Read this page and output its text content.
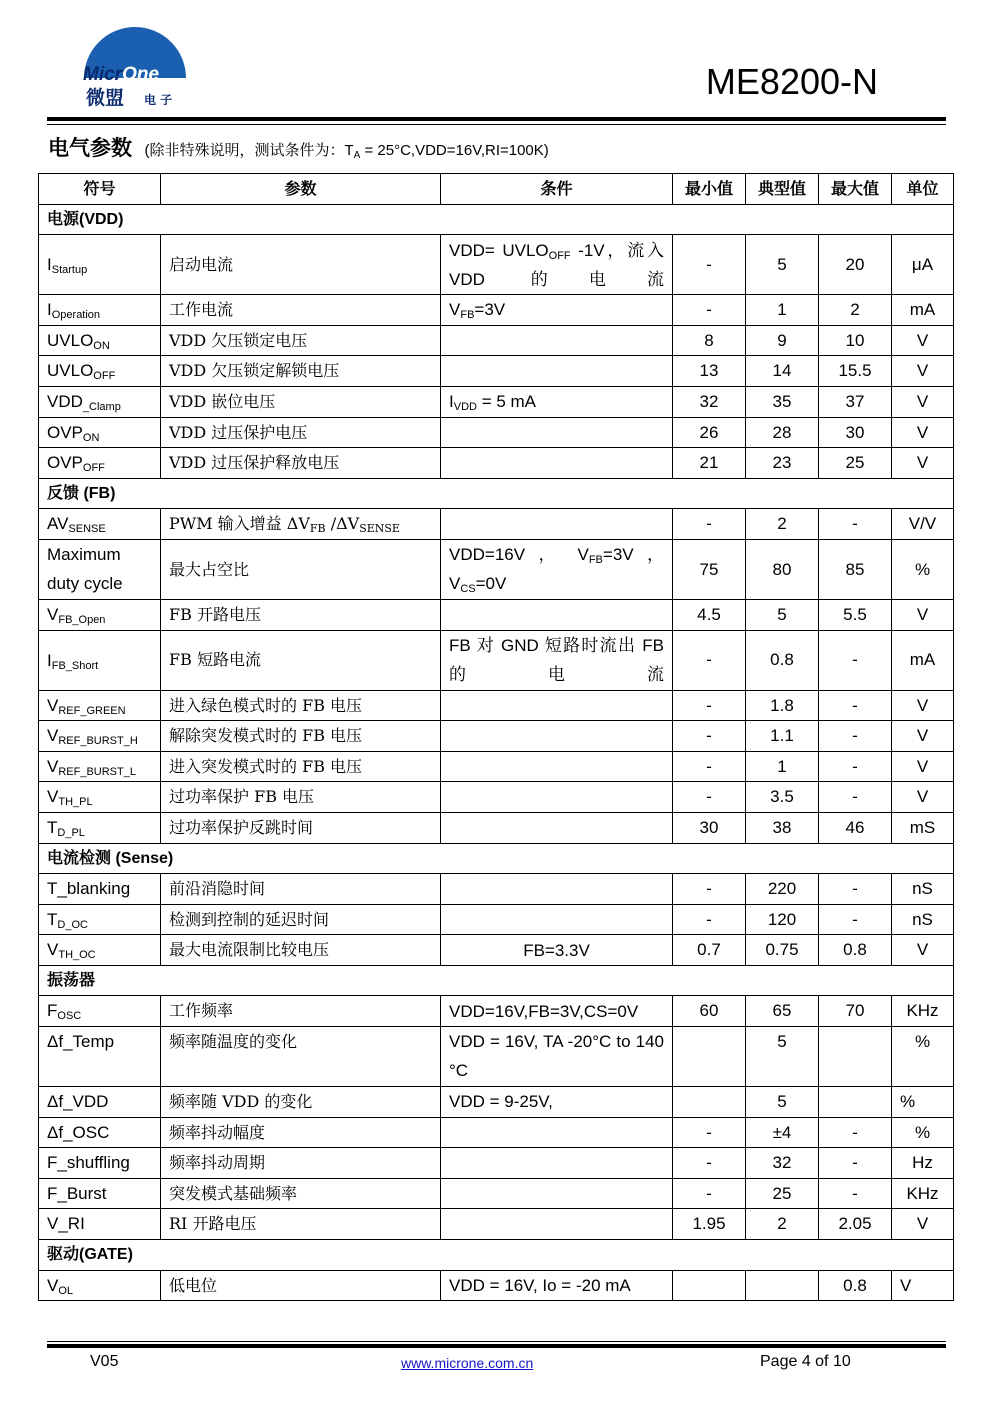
MicrOne
微盟 电 子	ME8200-N
电气参数 (除非特殊说明，测试条件为：$T_A = 25^\circ C,VDD=16V,RI=100K$)
符号	参数	条件	最小值	典型值	最大值	单位
电源(VDD)						
$I_{Startup}$	启动电流	$VDD= UVLO_{OFF}$ -1V，流入 VDD 的电流	-	5	20	μA
$I_{Operation}$	工作电流	$V_{FB}=3V$	-	1	2	mA
$UVLO_{ON}$	VDD 欠压锁定电压		8	9	10	V
$UVLO_{OFF}$	VDD 欠压锁定解锁电压		13	14	15.5	V
$VDD_{\_Clamp}$	VDD 嵌位电压	$I_{VDD} = 5$ mA	32	35	37	V
$OVP_{ON}$	VDD 过压保护电压		26	28	30	V
$OVP_{OFF}$	VDD 过压保护释放电压		21	23	25	V
反馈 (FB)						
$AV_{SENSE}$	PWM 输入增益 $\Delta V_{FB}$ $/\Delta V_{SENSE}$		-	2	-	V/V
Maximum duty cycle	最大占空比	VDD=16V ， $V_{FB}=3V$ ， $V_{CS}=0V$	75	80	85	%
$V_{FB\_Open}$	FB 开路电压		4.5	5	5.5	V
$I_{FB\_Short}$	FB 短路电流	FB 对 GND 短路时流出 FB 的电流	-	0.8	-	mA
$V_{REF\_GREEN}$	进入绿色模式时的 FB 电压		-	1.8	-	V
$V_{REF\_BURST\_H}$	解除突发模式时的 FB 电压		-	1.1	-	V
$V_{REF\_BURST\_L}$	进入突发模式时的 FB 电压		-	1	-	V
$V_{TH\_PL}$	过功率保护 FB 电压		-	3.5	-	V
$T_{D\_PL}$	过功率保护反跳时间		30	38	46	mS
电流检测 (Sense)						
T_blanking	前沿消隐时间		-	220	-	nS
$T_{D\_OC}$	检测到控制的延迟时间		-	120	-	nS
$V_{TH\_OC}$	最大电流限制比较电压	FB=3.3V	0.7	0.75	0.8	V
振荡器						
$F_{OSC}$	工作频率	VDD=16V,FB=3V,CS=0V	60	65	70	KHz
Δf_Temp	频率随温度的变化	VDD = 16V, TA -20°C to 140 °C		5		%
Δf_VDD	频率随 VDD 的变化	VDD = 9-25V,		5		%
Δf_OSC	频率抖动幅度		-	±4	-	%
F_shuffling	频率抖动周期		-	32	-	Hz
F_Burst	突发模式基础频率		-	25	-	KHz
V_RI	RI 开路电压		1.95	2	2.05	V
驱动(GATE)						
$V_{OL}$	低电位	VDD = 16V, Io = -20 mA			0.8	V
V05	www.microne.com.cn	Page 4 of 10
